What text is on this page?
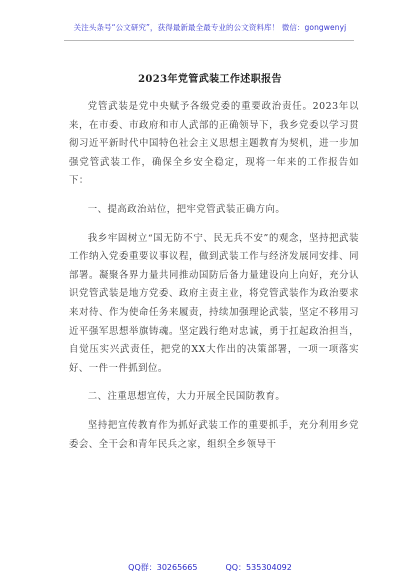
关注头条号“公文研究”，获得最新最全最专业的公文资料库！ 微信：gongwenyj
2023年党管武装工作述职报告

党管武装是党中央赋予各级党委的重要政治责任。2023年以来，在市委、市政府和市人武部的正确领导下，我乡党委以学习贯彻习近平新时代中国特色社会主义思想主题教育为契机，进一步加强党管武装工作，确保全乡安全稳定，现将一年来的工作报告如下：

一、提高政治站位，把牢党管武装正确方向。

我乡牢固树立“国无防不宁、民无兵不安”的观念，坚持把武装工作纳入党委重要议事议程，做到武装工作与经济发展同安排、同部署。凝聚各界力量共同推动国防后备力量建设向上向好，充分认识党管武装是地方党委、政府主责主业，将党管武装作为政治要求来对待、作为使命任务来履责，持续加强理论武装，坚定不移用习近平强军思想举旗铸魂。坚定践行绝对忠诚，勇于扛起政治担当，自觉压实兴武责任，把党的XX大作出的决策部署，一项一项落实好、一件一件抓到位。

二、注重思想宣传，大力开展全民国防教育。

坚持把宣传教育作为抓好武装工作的重要抓手，充分利用乡党委会、全干会和青年民兵之家，组织全乡领导干

QQ群：30265665	QQ：535304092
